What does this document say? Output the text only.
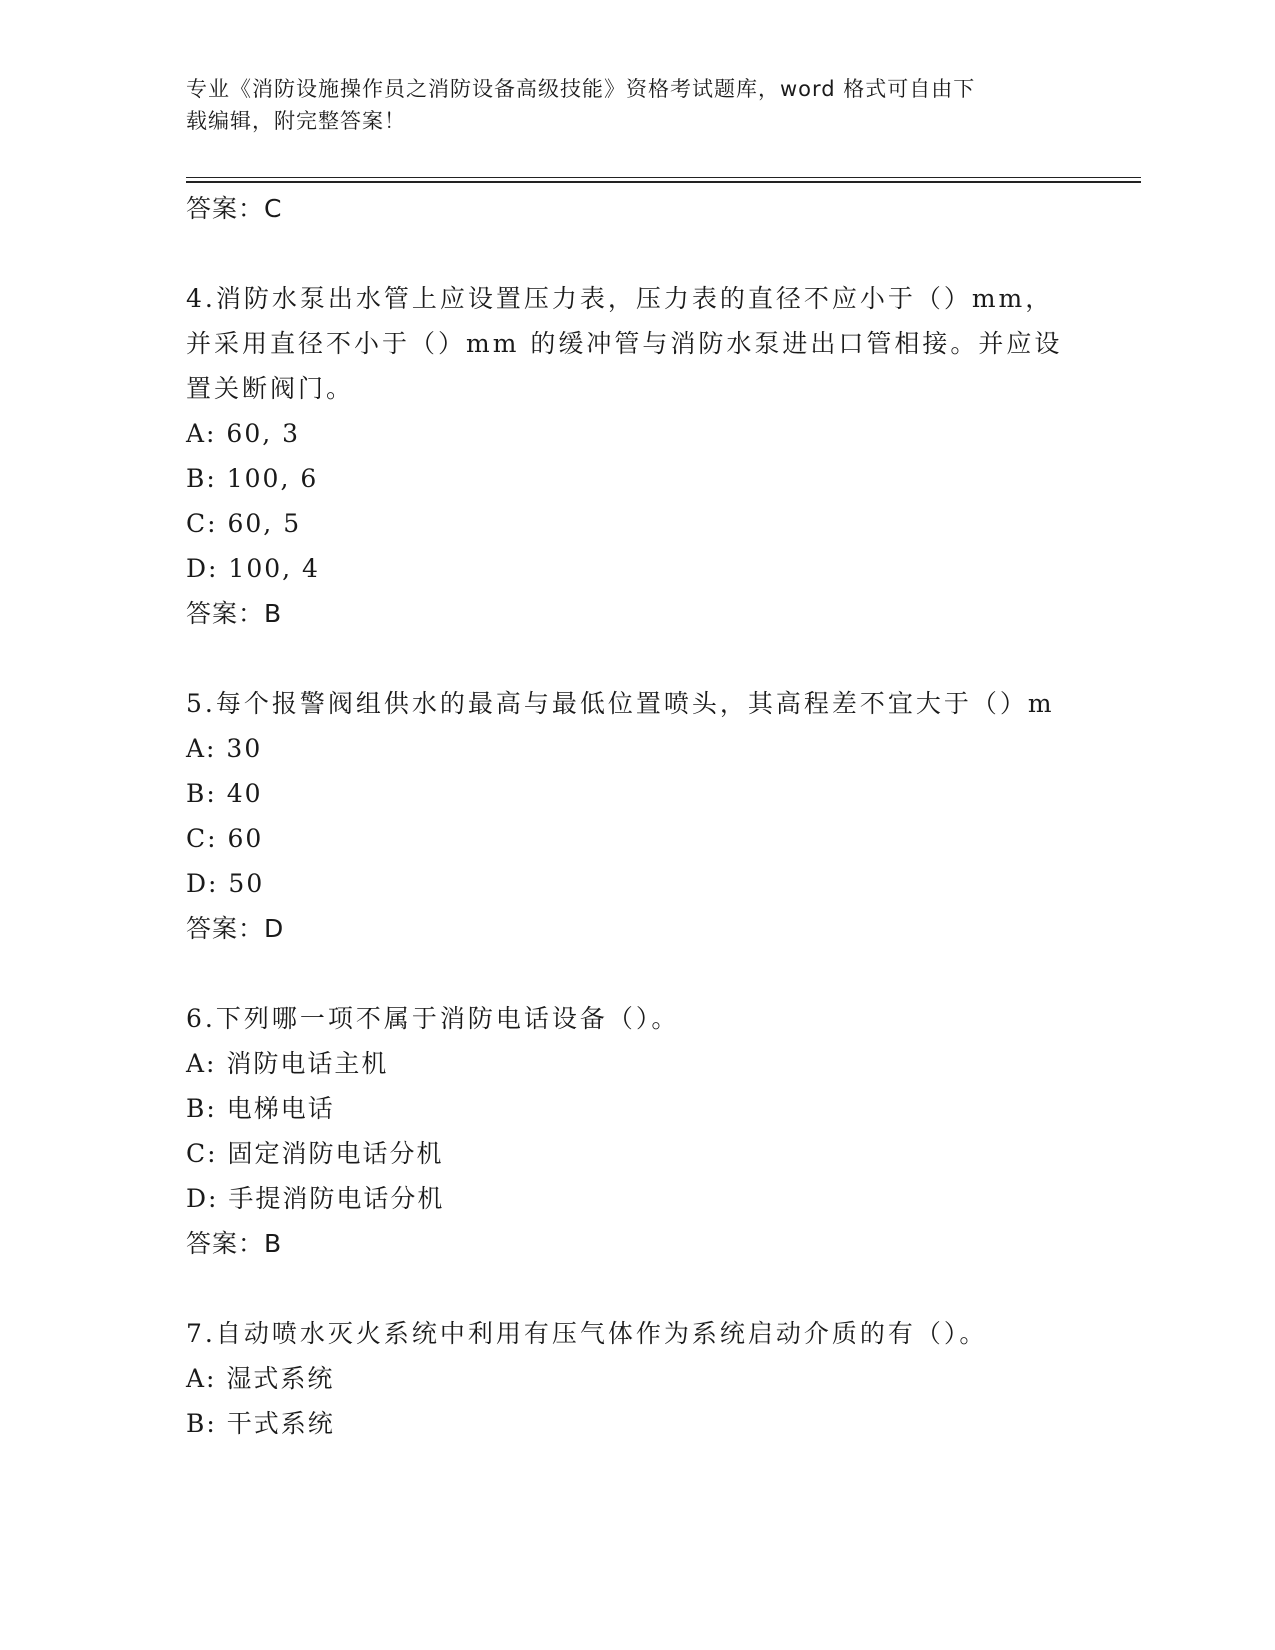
专业《消防设施操作员之消防设备高级技能》资格考试题库，word 格式可自由下
载编辑，附完整答案！
答案：C
4.消防水泵出水管上应设置压力表，压力表的直径不应小于（）mm，
并采用直径不小于（）mm 的缓冲管与消防水泵进出口管相接。并应设
置关断阀门。
A: 60, 3
B: 100, 6
C: 60, 5
D: 100, 4
答案：B
5.每个报警阀组供水的最高与最低位置喷头，其高程差不宜大于（）m
A: 30
B: 40
C: 60
D: 50
答案：D
6.下列哪一项不属于消防电话设备（）。
A: 消防电话主机
B: 电梯电话
C: 固定消防电话分机
D: 手提消防电话分机
答案：B
7.自动喷水灭火系统中利用有压气体作为系统启动介质的有（）。
A: 湿式系统
B: 干式系统
